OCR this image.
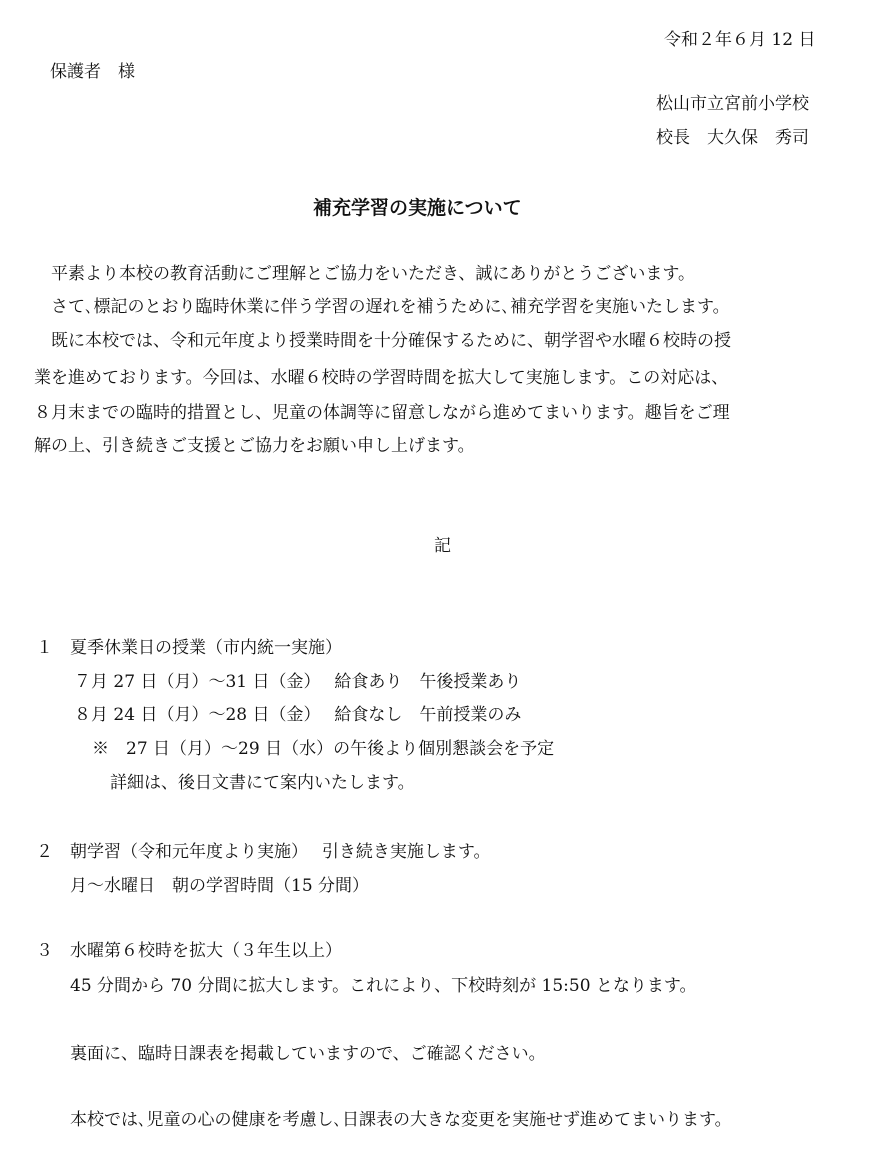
令和２年６月 12 日
保護者　様
松山市立宮前小学校
校長　大久保　秀司
補充学習の実施について
　平素より本校の教育活動にご理解とご協力をいただき、誠にありがとうございます。
　さて､標記のとおり臨時休業に伴う学習の遅れを補うために､補充学習を実施いたします。
　既に本校では、令和元年度より授業時間を十分確保するために、朝学習や水曜６校時の授
業を進めております。今回は、水曜６校時の学習時間を拡大して実施します。この対応は、
８月末までの臨時的措置とし、児童の体調等に留意しながら進めてまいります。趣旨をご理
解の上、引き続きご支援とご協力をお願い申し上げます。
記
１ 夏季休業日の授業（市内統一実施）
７月 27 日（月）～31 日（金）　 給食あり　午後授業あり
８月 24 日（月）～28 日（金）　 給食なし　午前授業のみ
※　27 日（月）～29 日（水）の午後より個別懇談会を予定
詳細は、後日文書にて案内いたします。
２ 朝学習（令和元年度より実施）　 引き続き実施します。
月～水曜日　朝の学習時間（15 分間）
３ 水曜第６校時を拡大（３年生以上）
45 分間から 70 分間に拡大します。これにより、下校時刻が 15:50 となります。
裏面に、臨時日課表を掲載していますので、ご確認ください。
本校では､児童の心の健康を考慮し､日課表の大きな変更を実施せず進めてまいります。
